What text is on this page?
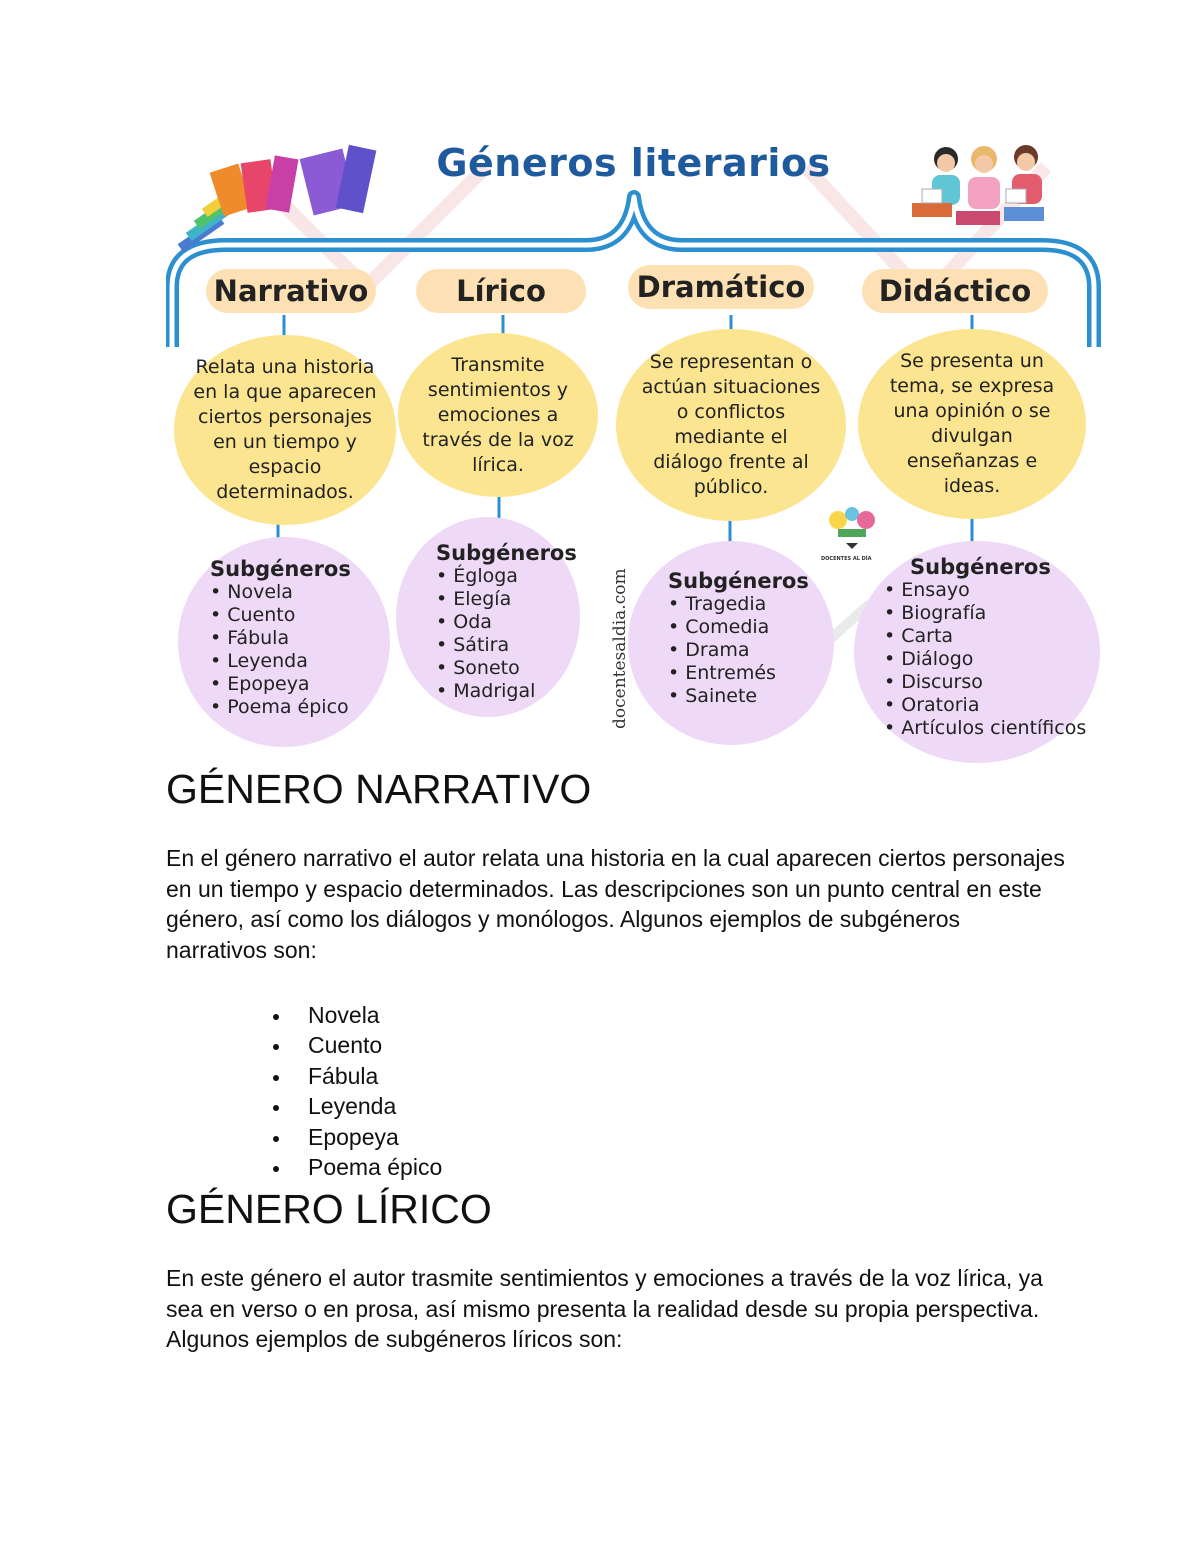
Géneros literarios
Narrativo	Lírico	Dramático	Didáctico
Relata una historia en la que aparecen ciertos personajes en un tiempo y espacio determinados.
Transmite sentimientos y emociones a través de la voz lírica.
Se representan o actúan situaciones o conflictos mediante el diálogo frente al público.
Se presenta un tema, se expresa una opinión o se divulgan enseñanzas e ideas.
Subgéneros
• Novela
• Cuento
• Fábula
• Leyenda
• Epopeya
• Poema épico
Subgéneros
• Égloga
• Elegía
• Oda
• Sátira
• Soneto
• Madrigal
Subgéneros
• Tragedia
• Comedia
• Drama
• Entremés
• Sainete
Subgéneros
• Ensayo
• Biografía
• Carta
• Diálogo
• Discurso
• Oratoria
• Artículos científicos
docentesaldia.com
DOCENTES AL DÍA
GÉNERO NARRATIVO

En el género narrativo el autor relata una historia en la cual aparecen ciertos personajes en un tiempo y espacio determinados. Las descripciones son un punto central en este género, así como los diálogos y monólogos. Algunos ejemplos de subgéneros narrativos son:

Novela
Cuento
Fábula
Leyenda
Epopeya
Poema épico
GÉNERO LÍRICO

En este género el autor trasmite sentimientos y emociones a través de la voz lírica, ya sea en verso o en prosa, así mismo presenta la realidad desde su propia perspectiva. Algunos ejemplos de subgéneros líricos son:
